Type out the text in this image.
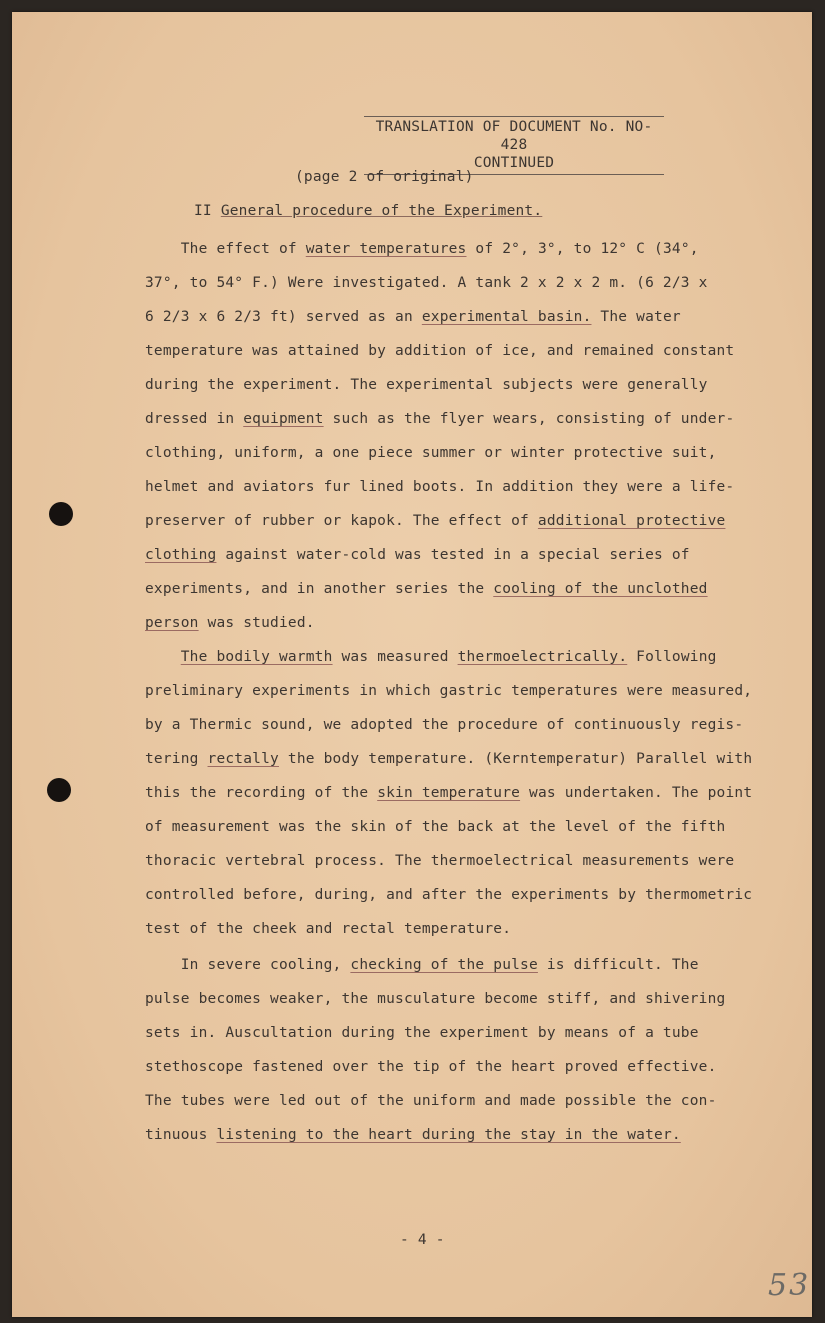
TRANSLATION OF DOCUMENT No. NO-428
CONTINUED
(page 2 of original)
II General procedure of the Experiment.
The effect of water temperatures of 2°, 3°, to 12° C (34°,
37°, to 54° F.) Were investigated. A tank 2 x 2 x 2 m. (6 2/3 x
6 2/3 x 6 2/3 ft) served as an experimental basin. The water
temperature was attained by addition of ice, and remained constant
during the experiment. The experimental subjects were generally
dressed in equipment such as the flyer wears, consisting of under-
clothing, uniform, a one piece summer or winter protective suit,
helmet and aviators fur lined boots. In addition they were a life-
preserver of rubber or kapok. The effect of additional protective
clothing against water-cold was tested in a special series of
experiments, and in another series the cooling of the unclothed
person was studied.
The bodily warmth was measured thermoelectrically. Following
preliminary experiments in which gastric temperatures were measured,
by a Thermic sound, we adopted the procedure of continuously regis-
tering rectally the body temperature. (Kerntemperatur) Parallel with
this the recording of the skin temperature was undertaken. The point
of measurement was the skin of the back at the level of the fifth
thoracic vertebral process. The thermoelectrical measurements were
controlled before, during, and after the experiments by thermometric
test of the cheek and rectal temperature.
In severe cooling, checking of the pulse is difficult. The
pulse becomes weaker, the musculature become stiff, and shivering
sets in. Auscultation during the experiment by means of a tube
stethoscope fastened over the tip of the heart proved effective.
The tubes were led out of the uniform and made possible the con-
tinuous listening to the heart during the stay in the water.
- 4 -
53
